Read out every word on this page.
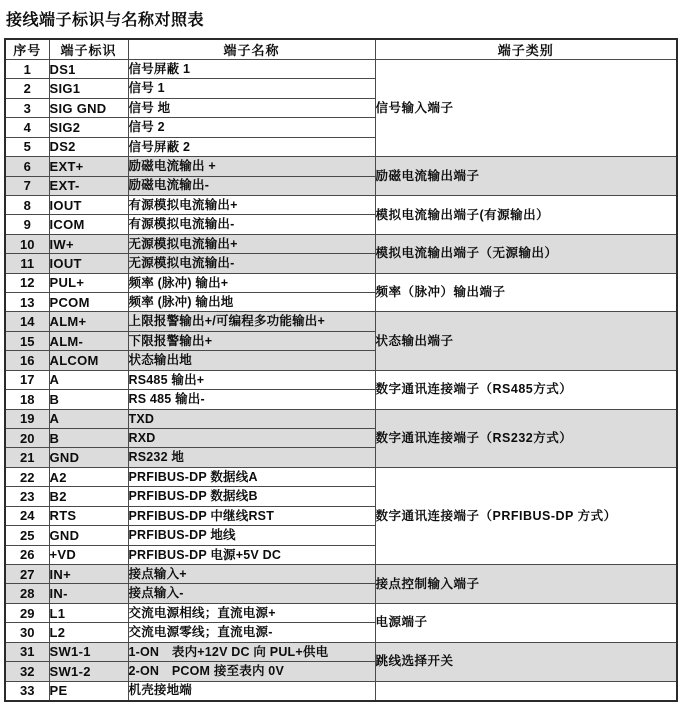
接线端子标识与名称对照表
序号	端子标识	端子名称	端子类别
1	DS1	信号屏蔽 1	信号输入端子
2	SIG1	信号 1	
3	SIG GND	信号 地	
4	SIG2	信号 2	
5	DS2	信号屏蔽 2	
6	EXT+	励磁电流输出 +	励磁电流输出端子
7	EXT-	励磁电流输出-	
8	IOUT	有源模拟电流输出+	模拟电流输出端子(有源输出）
9	ICOM	有源模拟电流输出-	
10	IW+	无源模拟电流输出+	模拟电流输出端子（无源输出）
11	IOUT	无源模拟电流输出-	
12	PUL+	频率 (脉冲) 输出+	频率（脉冲）输出端子
13	PCOM	频率 (脉冲) 输出地	
14	ALM+	上限报警输出+/可编程多功能输出+	状态输出端子
15	ALM-	下限报警输出+	
16	ALCOM	状态输出地	
17	A	RS485 输出+	数字通讯连接端子（RS485方式）
18	B	RS 485 输出-	
19	A	TXD	数字通讯连接端子（RS232方式）
20	B	RXD	
21	GND	RS232 地	
22	A2	PRFIBUS-DP 数据线A	数字通讯连接端子（PRFIBUS-DP 方式）
23	B2	PRFIBUS-DP 数据线B	
24	RTS	PRFIBUS-DP 中继线RST	
25	GND	PRFIBUS-DP 地线	
26	+VD	PRFIBUS-DP 电源+5V DC	
27	IN+	接点输入+	接点控制输入端子
28	IN-	接点输入-	
29	L1	交流电源相线；直流电源+	电源端子
30	L2	交流电源零线；直流电源-	
31	SW1-1	1-ON　表内+12V DC 向 PUL+供电	跳线选择开关
32	SW1-2	2-ON　PCOM 接至表内 0V	
33	PE	机壳接地端	
